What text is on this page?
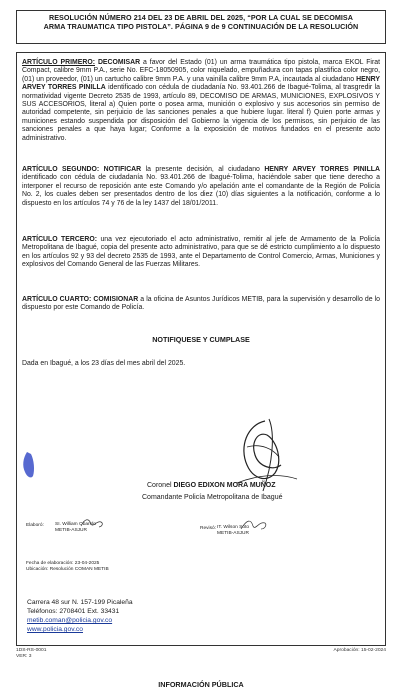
RESOLUCIÓN NÚMERO 214 DEL 23 DE ABRIL DEL 2025, “POR LA CUAL SE DECOMISA
ARMA TRAUMATICA TIPO PISTOLA”. PÁGINA 9 de 9 CONTINUACIÓN DE LA RESOLUCIÓN
ARTÍCULO PRIMERO: DECOMISAR a favor del Estado (01) un arma traumática tipo pistola, marca EKOL Firat Compact, calibre 9mm P.A., serie No. EFC-18050905, color niquelado, empuñadura con tapas plastifica color negro, (01) un proveedor, (01) un cartucho calibre 9mm P.A. y una vainilla calibre 9mm P.A, incautada al ciudadano HENRY ARVEY TORRES PINILLA identificado con cédula de ciudadanía No. 93.401.266 de Ibagué-Tolima, al trasgredir la normatividad vigente Decreto 2535 de 1993, artículo 89, DECOMISO DE ARMAS, MUNICIONES, EXPLOSIVOS Y SUS ACCESORIOS, literal a) Quien porte o posea arma, munición o explosivo y sus accesorios sin permiso de autoridad competente, sin perjuicio de las sanciones penales a que hubiere lugar. literal f) Quien porte armas y municiones estando suspendida por disposición del Gobierno la vigencia de los permisos, sin perjuicio de las sanciones penales a que haya lugar; Conforme a la exposición de motivos fundados en el presente acto administrativo.
ARTÍCULO SEGUNDO: NOTIFICAR la presente decisión, al ciudadano HENRY ARVEY TORRES PINILLA identificado con cédula de ciudadanía No. 93.401.266 de Ibagué-Tolima, haciéndole saber que tiene derecho a interponer el recurso de reposición ante este Comando y/o apelación ante el comandante de la Región de Policía No. 2, los cuales deben ser presentados dentro de los diez (10) días siguientes a la notificación, conforme a lo dispuesto en los artículos 74 y 76 de la ley 1437 del 18/01/2011.
ARTÍCULO TERCERO: una vez ejecutoriado el acto administrativo, remitir al jefe de Armamento de la Policía Metropolitana de Ibagué, copia del presente acto administrativo, para que se dé estricto cumplimiento a lo dispuesto en los artículos 92 y 93 del decreto 2535 de 1993, ante el Departamento de Control Comercio, Armas, Municiones y explosivos del Comando General de las Fuerzas Militares.
ARTÍCULO CUARTO: COMISIONAR a la oficina de Asuntos Jurídicos METIB, para la supervisión y desarrollo de lo dispuesto por este Comando de Policía.
NOTIFIQUESE Y CUMPLASE
Dada en Ibagué, a los 23 días del mes abril del 2025.
Coronel DIEGO EDIXON MORA MUÑOZ
Comandante Policía Metropolitana de Ibagué
Elaboró: SI. William Obando
METIB-ASJUR	Revisó: IT. Wilson Soto
METIB-ASJUR
Fecha de elaboración: 23-04-2025
Ubicación: Resolución COMAN METIB
Carrera 48 sur N. 157-199 Picaleña
Teléfonos: 2708401 Ext. 33431
metib.coman@policia.gov.co
www.policia.gov.co
INFORMACIÓN PÚBLICA
1DS-RS-0001
VER: 3
Aprobación: 15-02-2024
